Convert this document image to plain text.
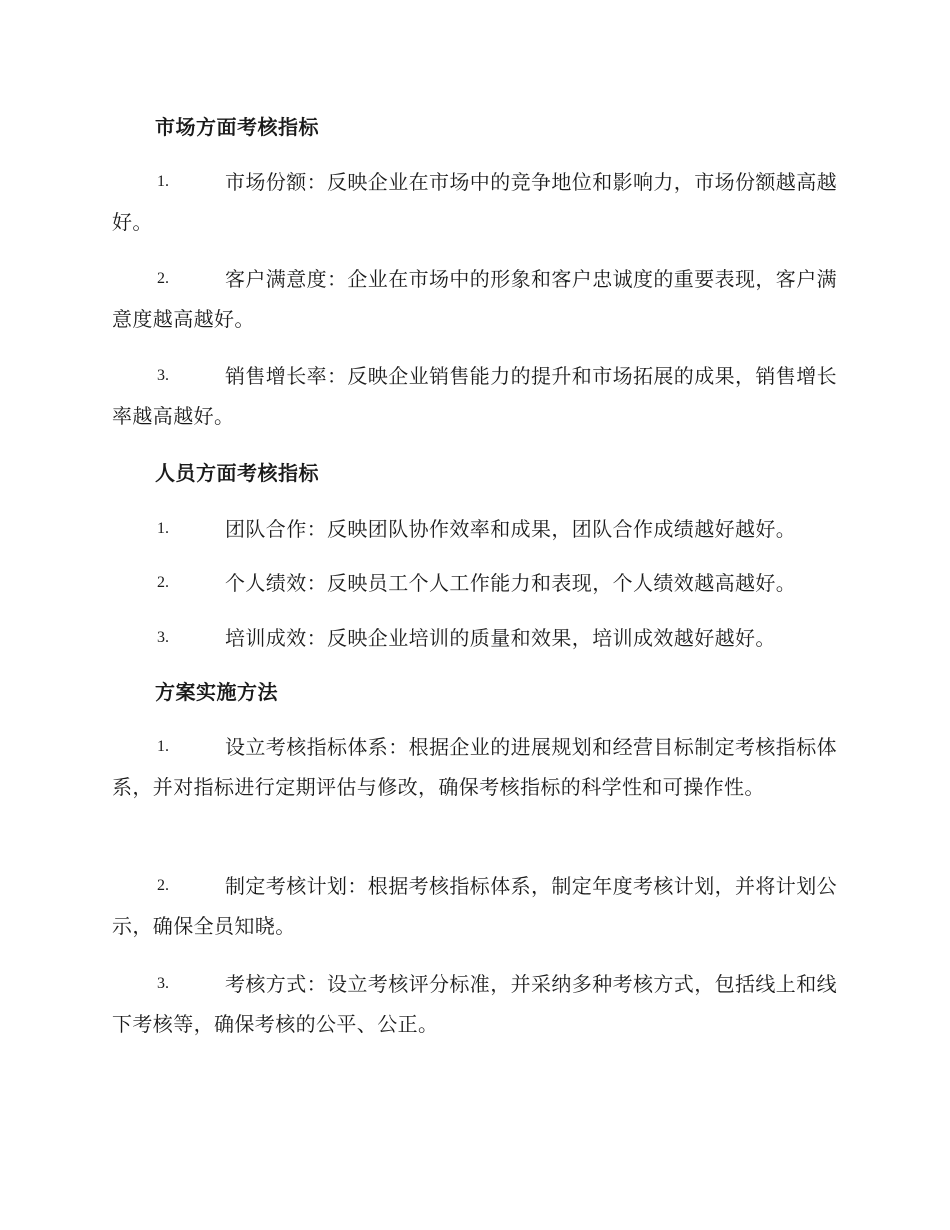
市场方面考核指标
1.	市场份额：反映企业在市场中的竞争地位和影响力，市场份额越高越好。
2.	客户满意度：企业在市场中的形象和客户忠诚度的重要表现，客户满意度越高越好。
3.	销售增长率：反映企业销售能力的提升和市场拓展的成果，销售增长率越高越好。
人员方面考核指标
1.	团队合作：反映团队协作效率和成果，团队合作成绩越好越好。
2.	个人绩效：反映员工个人工作能力和表现，个人绩效越高越好。
3.	培训成效：反映企业培训的质量和效果，培训成效越好越好。
方案实施方法
1.	设立考核指标体系：根据企业的进展规划和经营目标制定考核指标体系，并对指标进行定期评估与修改，确保考核指标的科学性和可操作性。
2.	制定考核计划：根据考核指标体系，制定年度考核计划，并将计划公示，确保全员知晓。
3.	考核方式：设立考核评分标准，并采纳多种考核方式，包括线上和线下考核等，确保考核的公平、公正。
